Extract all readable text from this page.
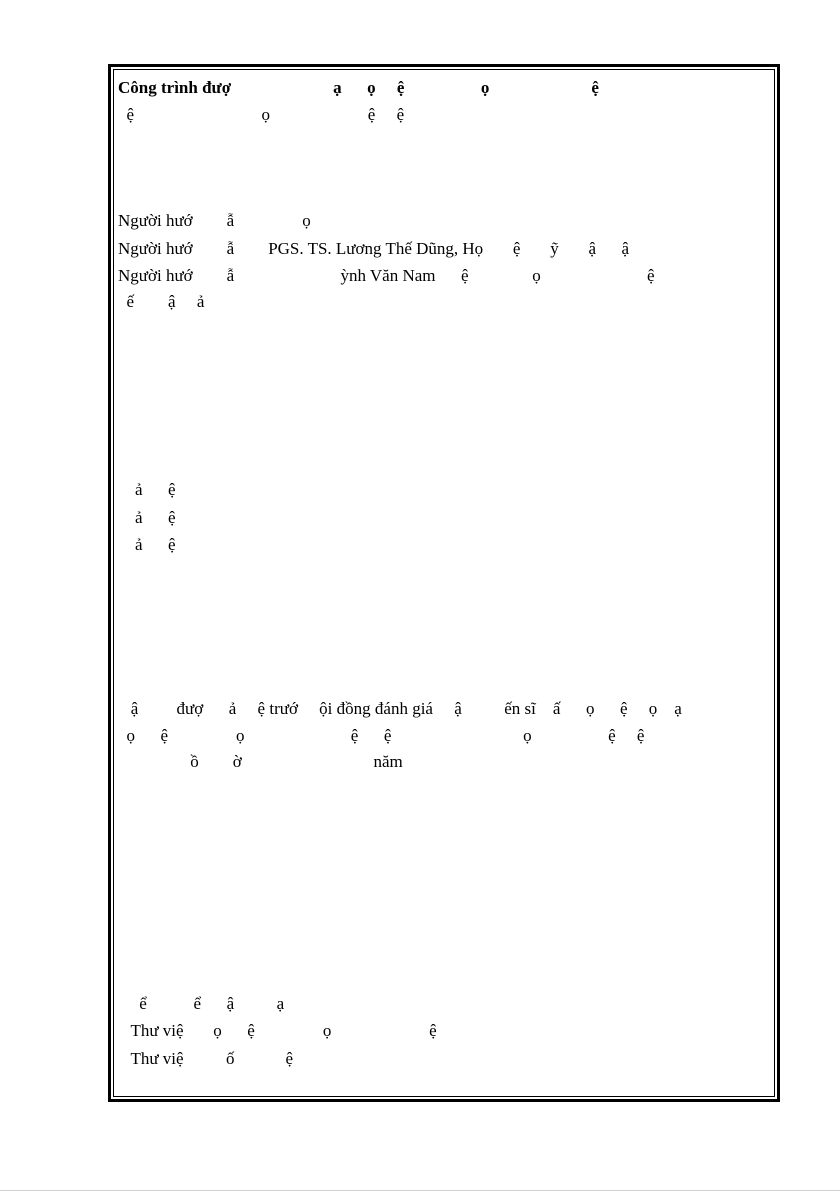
Công trình đượ                        ạ      ọ     ệ                  ọ                        ệ
ệ                              ọ                       ệ     ệ
Người hướ        ẫ                ọ
Người hướ        ẫ        PGS. TS. Lương Thế Dũng, Họ       ệ       ỹ       ậ      ậ
Người hướ        ẫ                         ỳnh Văn Nam      ệ               ọ                         ệ
ế        ậ     ả
ả      ệ
ả      ệ
ả      ệ
ậ         đượ      ả     ệ trướ     ội đồng đánh giá     ậ          ến sĩ    ấ      ọ      ệ     ọ    ạ
ọ      ệ                ọ                         ệ      ệ                               ọ                  ệ     ệ
ồ        ờ                               năm
ể           ể      ậ          ạ
Thư việ       ọ      ệ                ọ                       ệ
Thư việ          ố            ệ
